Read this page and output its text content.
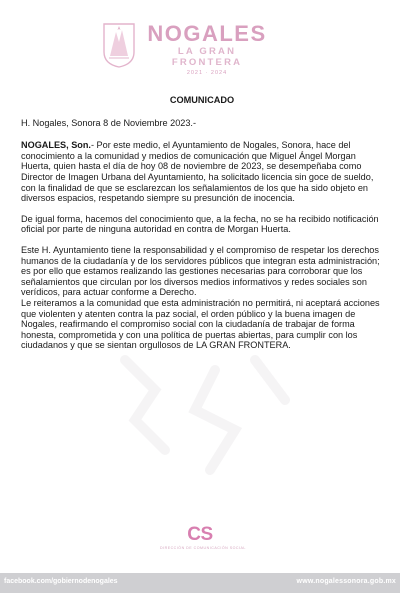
NOGALES
LA GRAN FRONTERA
2021 · 2024

COMUNICADO

H. Nogales, Sonora 8 de Noviembre 2023.-

NOGALES, Son.- Por este medio, el Ayuntamiento de Nogales, Sonora, hace del conocimiento a la comunidad y medios de comunicación que Miguel Ángel Morgan Huerta, quien hasta el día de hoy 08 de noviembre de 2023, se desempeñaba como Director de Imagen Urbana del Ayuntamiento, ha solicitado licencia sin goce de sueldo, con la finalidad de que se esclarezcan los señalamientos de los que ha sido objeto en diversos espacios, respetando siempre su presunción de inocencia.

De igual forma, hacemos del conocimiento que, a la fecha, no se ha recibido notificación oficial por parte de ninguna autoridad en contra de Morgan Huerta.

Este H. Ayuntamiento tiene la responsabilidad y el compromiso de respetar los derechos humanos de la ciudadanía y de los servidores públicos que integran esta administración; es por ello que estamos realizando las gestiones necesarias para corroborar que los señalamientos que circulan por los diversos medios informativos y redes sociales son verídicos, para actuar conforme a Derecho.

Le reiteramos a la comunidad que esta administración no permitirá, ni aceptará acciones que violenten y atenten contra la paz social, el orden público y la buena imagen de Nogales, reafirmando el compromiso social con la ciudadanía de trabajar de forma honesta, comprometida y con una política de puertas abiertas, para cumplir con los ciudadanos y que se sientan orgullosos de LA GRAN FRONTERA.

CS
DIRECCIÓN DE COMUNICACIÓN SOCIAL
facebook.com/gobiernodenogales	www.nogalessonora.gob.mx
